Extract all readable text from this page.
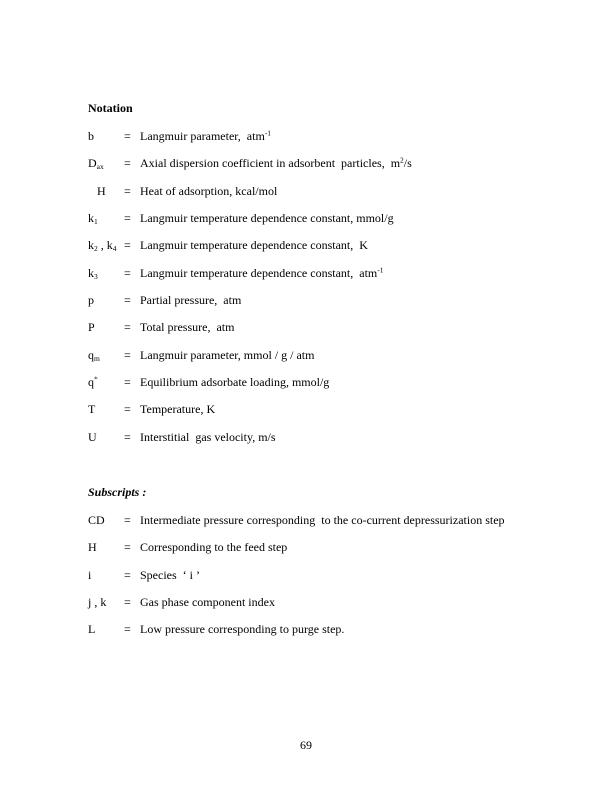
Notation
b	= Langmuir parameter,  atm$^{-1}$
$D_{ax}$	= Axial dispersion coefficient in adsorbent  particles,  $m^2/s$
H	= Heat of adsorption, kcal/mol
$k_1$	= Langmuir temperature dependence constant, mmol/g
$k_2$ , $k_4$ = Langmuir temperature dependence constant,  K
$k_3$	= Langmuir temperature dependence constant,  atm$^{-1}$
p	= Partial pressure,  atm
P	= Total pressure,  atm
$q_m$	= Langmuir parameter, mmol / g / atm
q*	= Equilibrium adsorbate loading, mmol/g
T	= Temperature, K
U	= Interstitial  gas velocity, m/s
Subscripts :
CD	= Intermediate pressure corresponding  to the co-current depressurization step
H	= Corresponding to the feed step
i	= Species  ‘ i ’
j , k	= Gas phase component index
L	= Low pressure corresponding to purge step.
69
